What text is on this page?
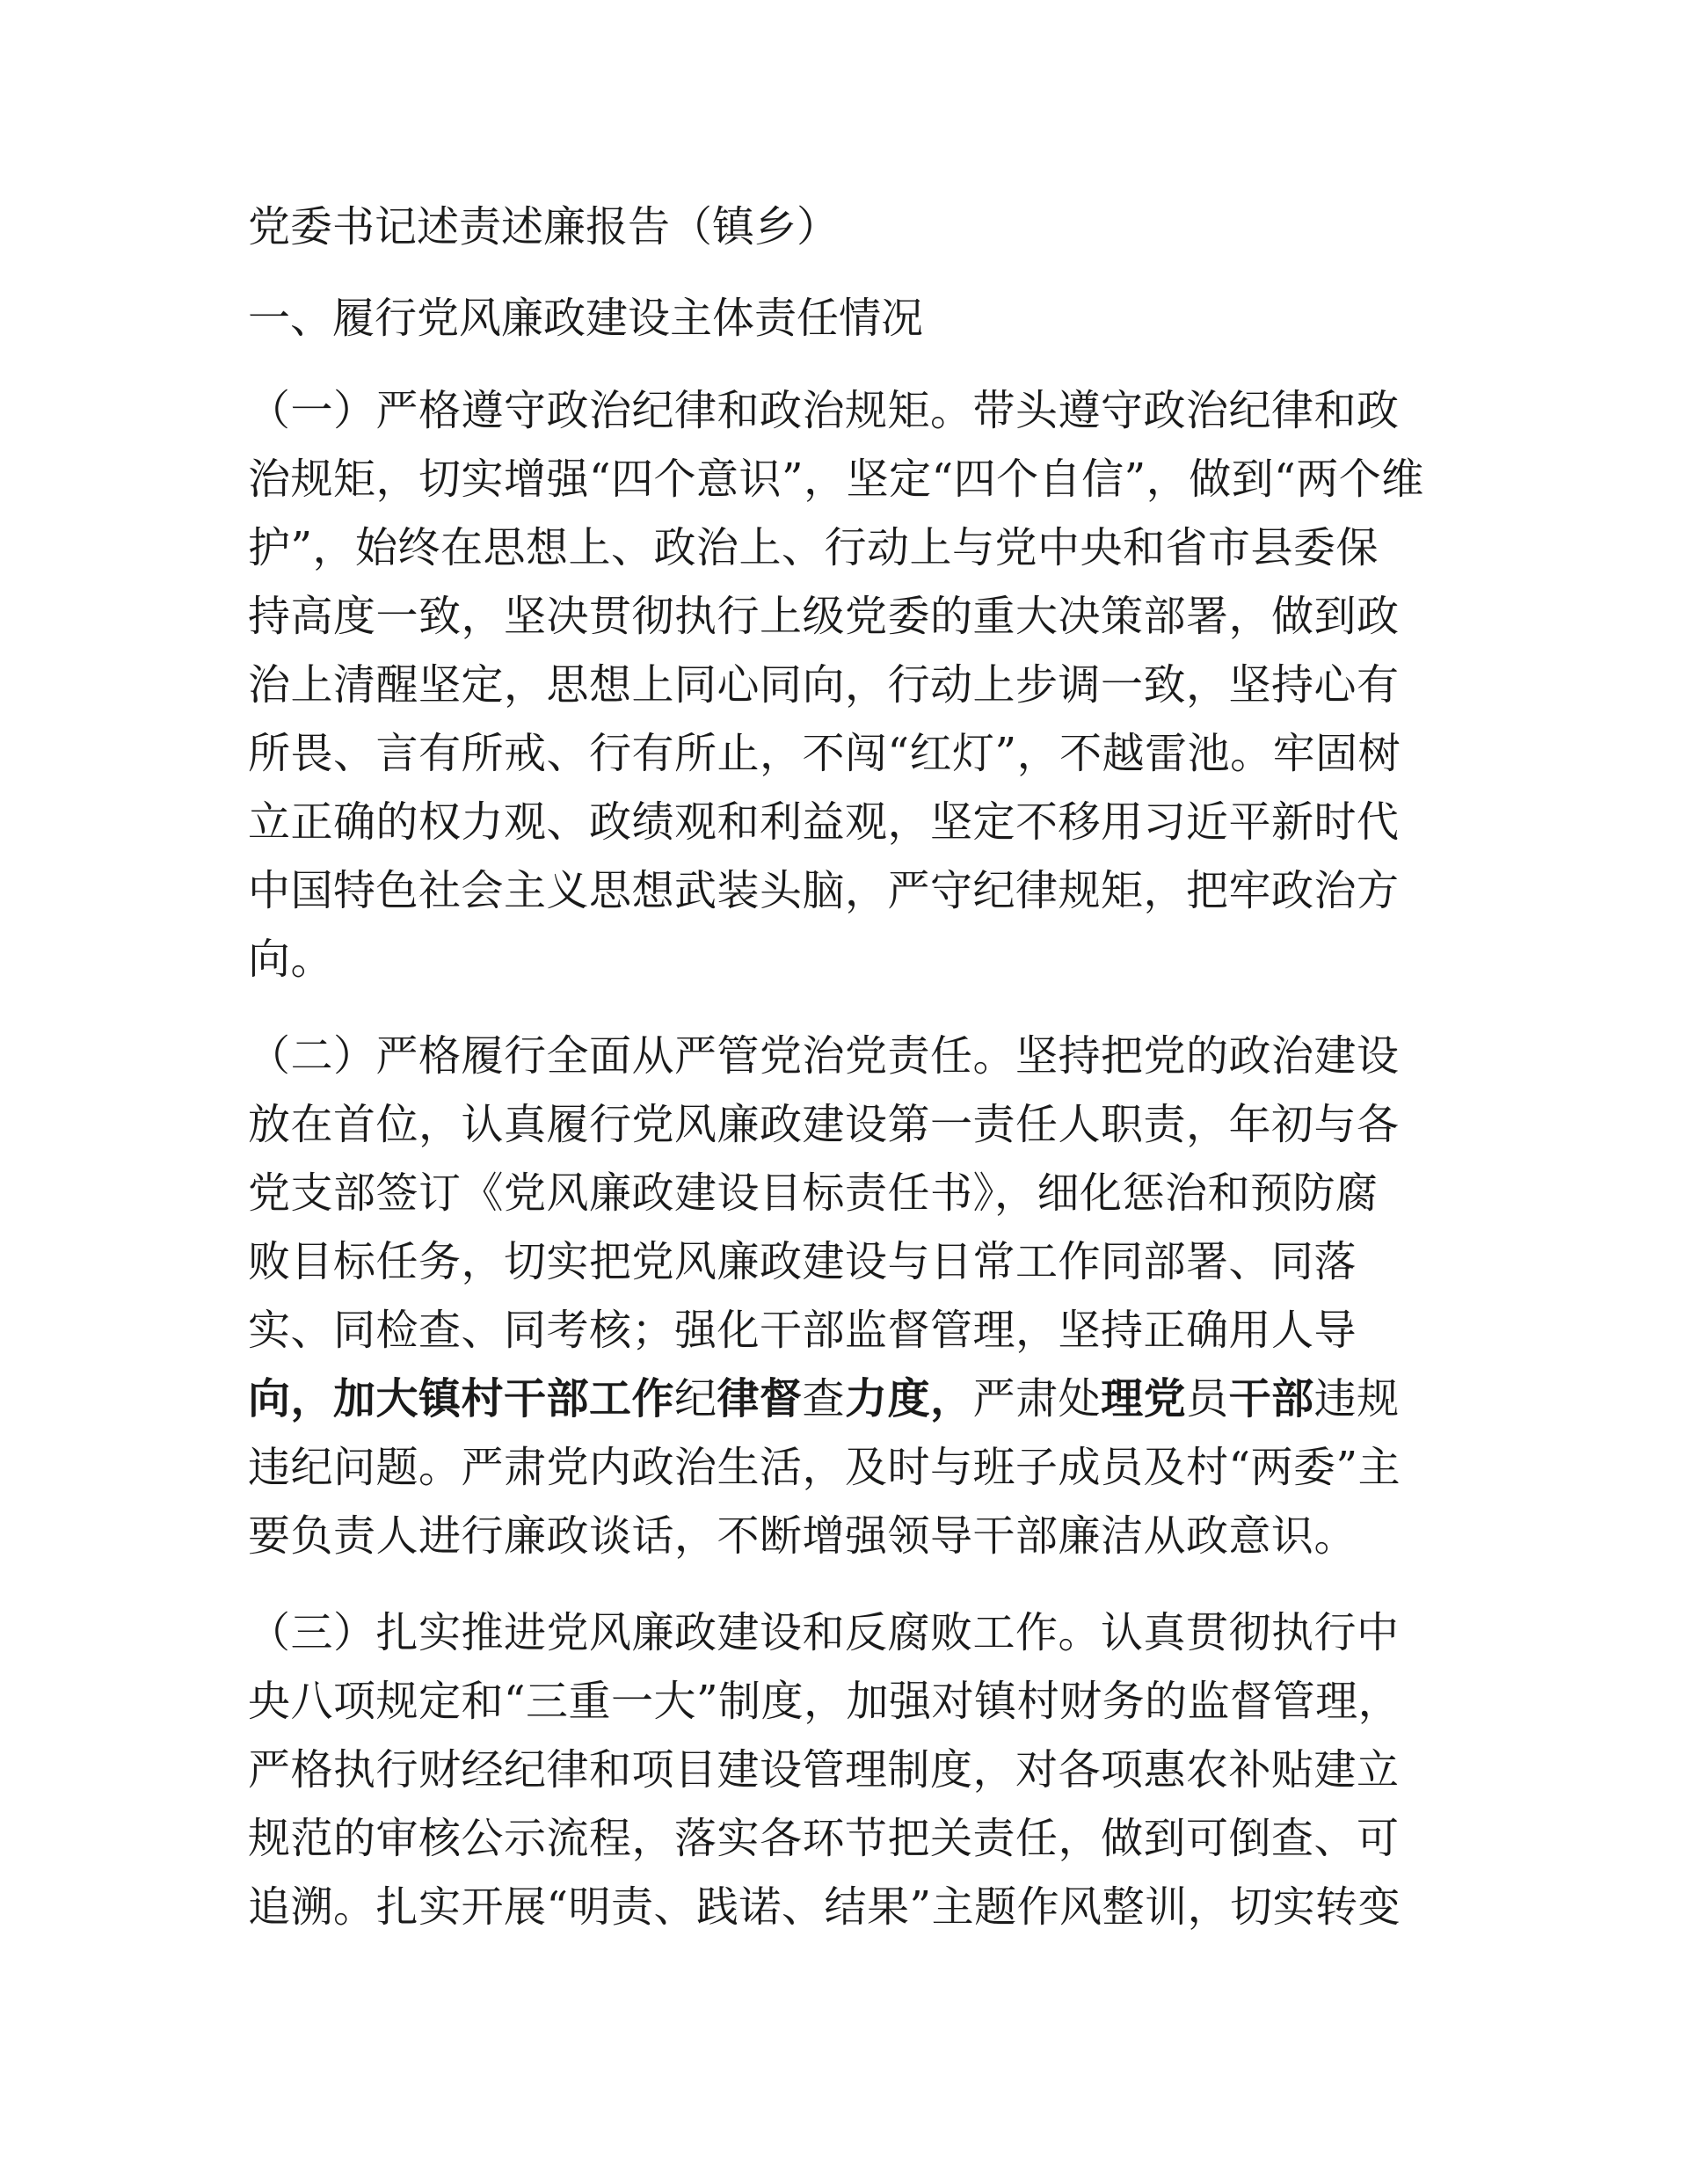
党委书记述责述廉报告（镇乡）
一、履行党风廉政建设主体责任情况
（一）严格遵守政治纪律和政治规矩。带头遵守政治纪律和政
治规矩，切实增强“四个意识”，坚定“四个自信”，做到“两个维
护”，始终在思想上、政治上、行动上与党中央和省市县委保
持高度一致，坚决贯彻执行上级党委的重大决策部署，做到政
治上清醒坚定，思想上同心同向，行动上步调一致，坚持心有
所畏、言有所戒、行有所止，不闯“红灯”，不越雷池。牢固树
立正确的权力观、政绩观和利益观，坚定不移用习近平新时代
中国特色社会主义思想武装头脑，严守纪律规矩，把牢政治方
向。
（二）严格履行全面从严管党治党责任。坚持把党的政治建设
放在首位，认真履行党风廉政建设第一责任人职责，年初与各
党支部签订《党风廉政建设目标责任书》，细化惩治和预防腐
败目标任务，切实把党风廉政建设与日常工作同部署、同落
实、同检查、同考核；强化干部监督管理，坚持正确用人导
向，加大镇村干部工作纪律督查力度，严肃处理党员干部违规
违纪问题。严肃党内政治生活，及时与班子成员及村“两委”主
要负责人进行廉政谈话，不断增强领导干部廉洁从政意识。
（三）扎实推进党风廉政建设和反腐败工作。认真贯彻执行中
央八项规定和“三重一大”制度，加强对镇村财务的监督管理，
严格执行财经纪律和项目建设管理制度，对各项惠农补贴建立
规范的审核公示流程，落实各环节把关责任，做到可倒查、可
追溯。扎实开展“明责、践诺、结果”主题作风整训，切实转变
